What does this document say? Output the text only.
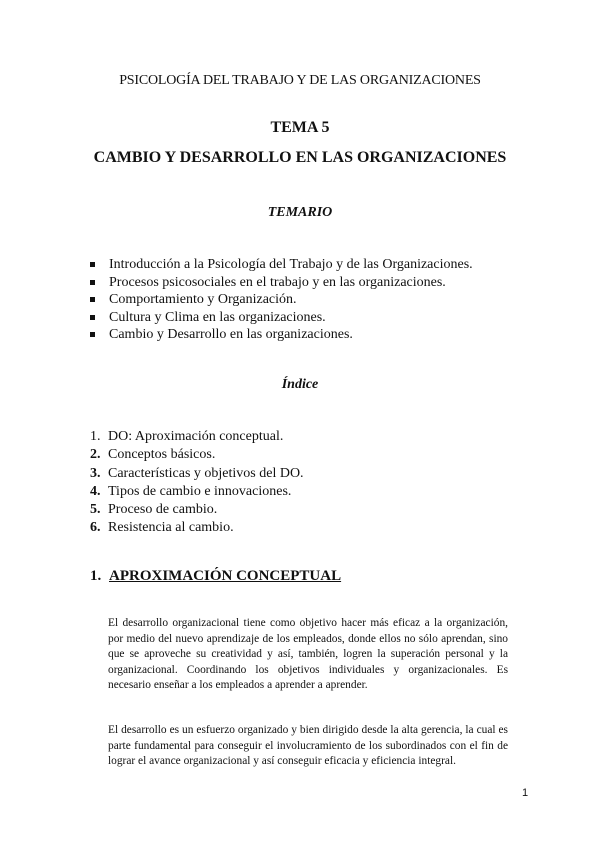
PSICOLOGÍA DEL TRABAJO Y DE LAS ORGANIZACIONES
TEMA 5
CAMBIO Y DESARROLLO EN LAS ORGANIZACIONES
TEMARIO
Introducción a la Psicología del Trabajo y de las Organizaciones.
Procesos psicosociales en el trabajo y en las organizaciones.
Comportamiento y Organización.
Cultura y Clima en las organizaciones.
Cambio y Desarrollo en las organizaciones.
Índice
1. DO: Aproximación conceptual.
2. Conceptos básicos.
3. Características y objetivos del DO.
4. Tipos de cambio e innovaciones.
5. Proceso de cambio.
6. Resistencia al cambio.
1. APROXIMACIÓN CONCEPTUAL

El desarrollo organizacional tiene como objetivo hacer más eficaz a la organización, por medio del nuevo aprendizaje de los empleados, donde ellos no sólo aprendan, sino que se aproveche su creatividad y así, también, logren la superación personal y la organizacional. Coordinando los objetivos individuales y organizacionales. Es necesario enseñar a los empleados a aprender a aprender.

El desarrollo es un esfuerzo organizado y bien dirigido desde la alta gerencia, la cual es parte fundamental para conseguir el involucramiento de los subordinados con el fin de lograr el avance organizacional y así conseguir eficacia y eficiencia integral.

1
